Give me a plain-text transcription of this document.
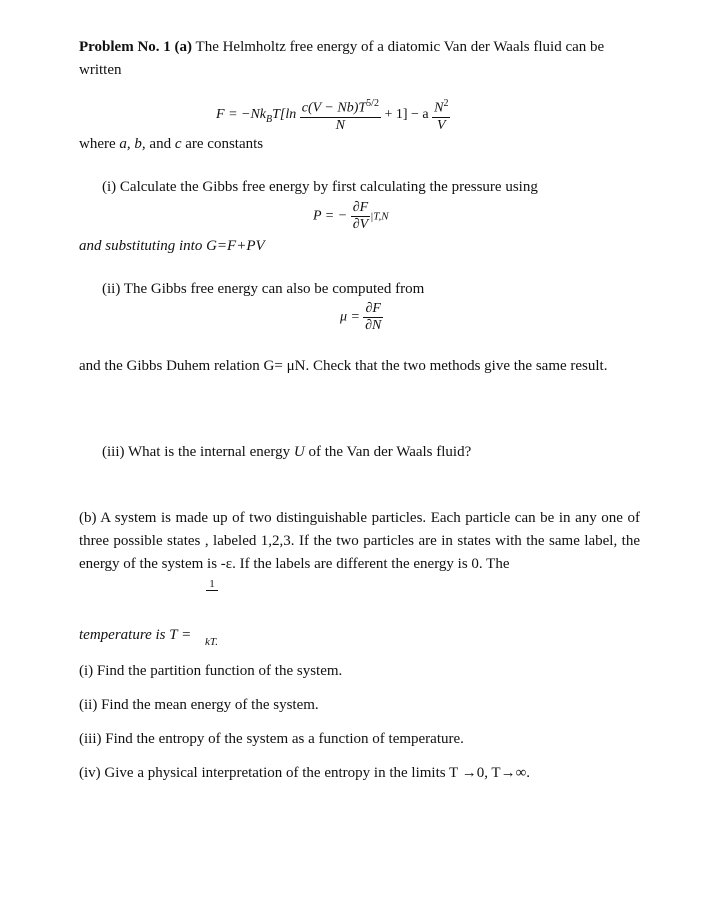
Problem No. 1 (a) The Helmholtz free energy of a diatomic Van der Waals fluid can be written
$F = -Nk_BT[\ln \frac{c(V - Nb)T^{5/2}}{N} + 1] - a \frac{N^2}{V}$
where a, b, and c are constants
(i) Calculate the Gibbs free energy by first calculating the pressure using
P = − $\frac{\partial F}{\partial V} |T,N$
and substituting into G=F+PV
(ii) The Gibbs free energy can also be computed from
$\mu = \frac{\partial F}{\partial N}$
and the Gibbs Duhem relation G= μN. Check that the two methods give the same result.
(iii) What is the internal energy U of the Van der Waals fluid?
(b) A system is made up of two distinguishable particles. Each particle can be in any one of three possible states , labeled 1,2,3. If the two particles are in states with the same label, the energy of the system is -ε. If the labels are different the energy is 0. The
1
temperature is T = kT.
(i) Find the partition function of the system.
(ii) Find the mean energy of the system.
(iii) Find the entropy of the system as a function of temperature.
(iv) Give a physical interpretation of the entropy in the limits T →0, T→∞.
